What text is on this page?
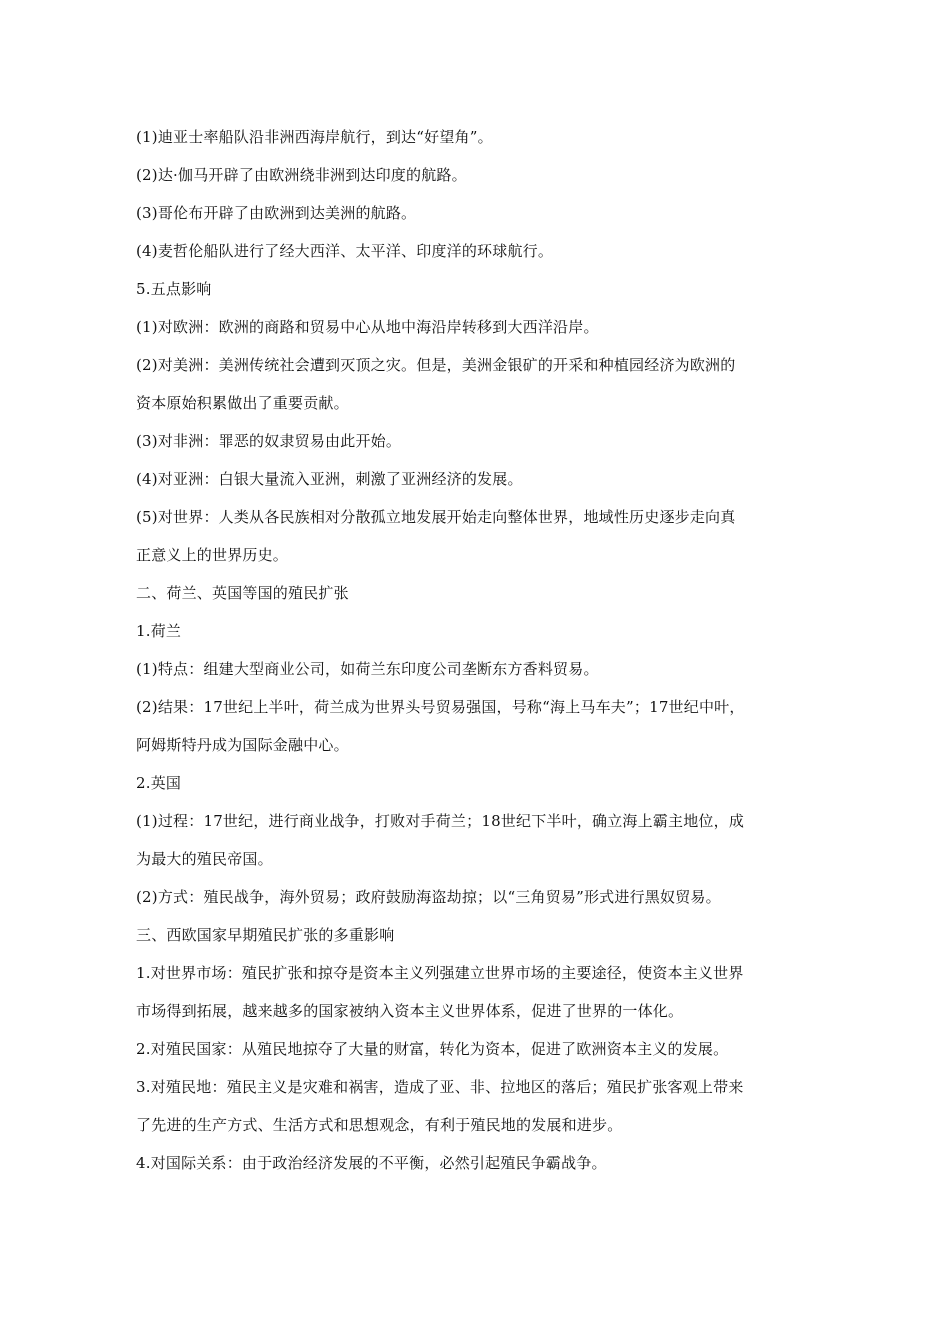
(1)迪亚士率船队沿非洲西海岸航行，到达“好望角”。
(2)达·伽马开辟了由欧洲绕非洲到达印度的航路。
(3)哥伦布开辟了由欧洲到达美洲的航路。
(4)麦哲伦船队进行了经大西洋、太平洋、印度洋的环球航行。
5.五点影响
(1)对欧洲：欧洲的商路和贸易中心从地中海沿岸转移到大西洋沿岸。
(2)对美洲：美洲传统社会遭到灭顶之灾。但是，美洲金银矿的开采和种植园经济为欧洲的
资本原始积累做出了重要贡献。
(3)对非洲：罪恶的奴隶贸易由此开始。
(4)对亚洲：白银大量流入亚洲，刺激了亚洲经济的发展。
(5)对世界：人类从各民族相对分散孤立地发展开始走向整体世界，地域性历史逐步走向真
正意义上的世界历史。
二、荷兰、英国等国的殖民扩张
1.荷兰
(1)特点：组建大型商业公司，如荷兰东印度公司垄断东方香料贸易。
(2)结果：17世纪上半叶，荷兰成为世界头号贸易强国，号称“海上马车夫”；17世纪中叶，
阿姆斯特丹成为国际金融中心。
2.英国
(1)过程：17世纪，进行商业战争，打败对手荷兰；18世纪下半叶，确立海上霸主地位，成
为最大的殖民帝国。
(2)方式：殖民战争，海外贸易；政府鼓励海盗劫掠；以“三角贸易”形式进行黑奴贸易。
三、西欧国家早期殖民扩张的多重影响
1.对世界市场：殖民扩张和掠夺是资本主义列强建立世界市场的主要途径，使资本主义世界
市场得到拓展，越来越多的国家被纳入资本主义世界体系，促进了世界的一体化。
2.对殖民国家：从殖民地掠夺了大量的财富，转化为资本，促进了欧洲资本主义的发展。
3.对殖民地：殖民主义是灾难和祸害，造成了亚、非、拉地区的落后；殖民扩张客观上带来
了先进的生产方式、生活方式和思想观念，有利于殖民地的发展和进步。
4.对国际关系：由于政治经济发展的不平衡，必然引起殖民争霸战争。
